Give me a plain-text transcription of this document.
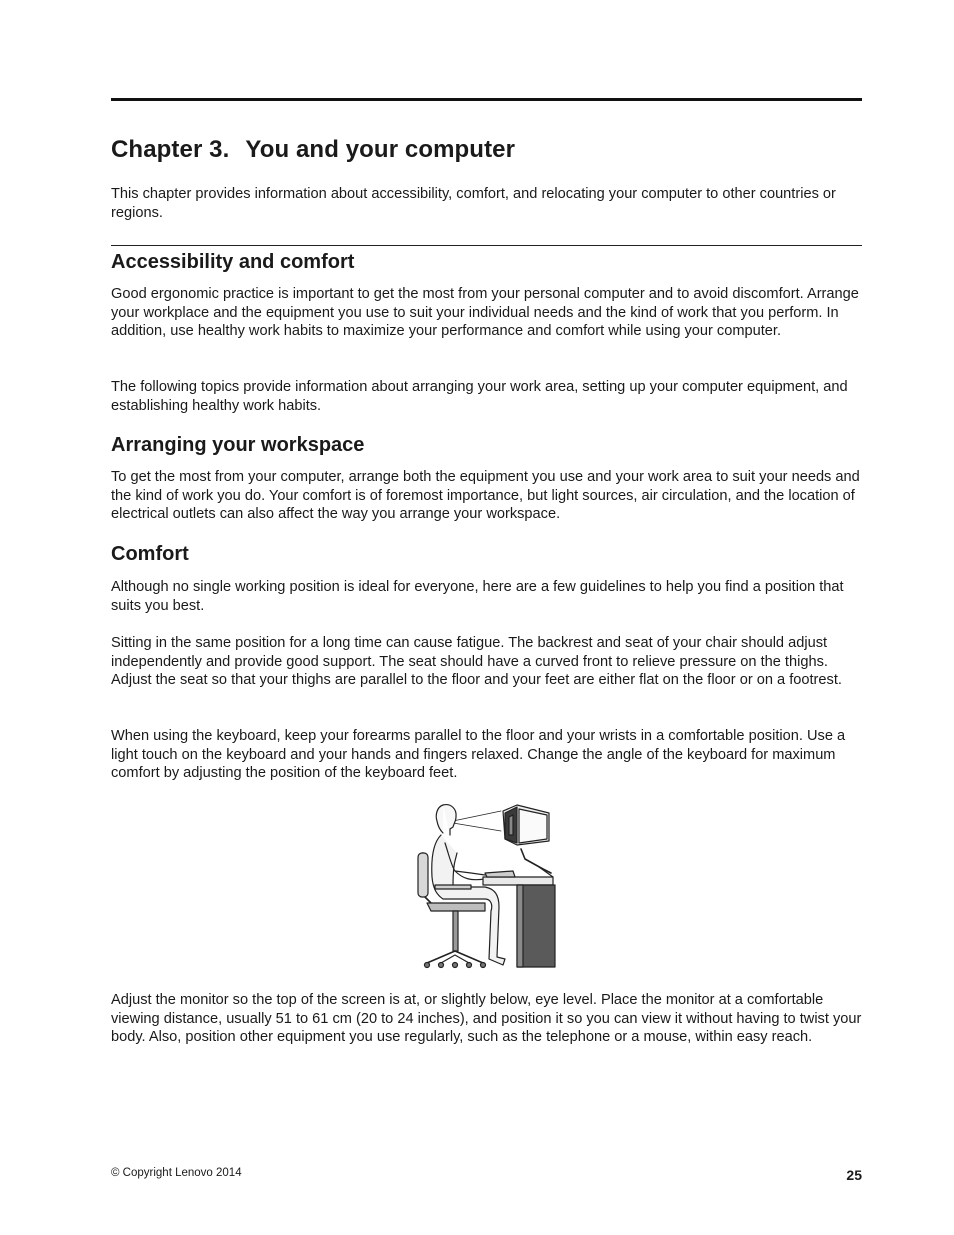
Chapter 3. You and your computer

This chapter provides information about accessibility, comfort, and relocating your computer to other countries or regions.

Accessibility and comfort

Good ergonomic practice is important to get the most from your personal computer and to avoid discomfort. Arrange your workplace and the equipment you use to suit your individual needs and the kind of work that you perform. In addition, use healthy work habits to maximize your performance and comfort while using your computer.

The following topics provide information about arranging your work area, setting up your computer equipment, and establishing healthy work habits.

Arranging your workspace

To get the most from your computer, arrange both the equipment you use and your work area to suit your needs and the kind of work you do. Your comfort is of foremost importance, but light sources, air circulation, and the location of electrical outlets can also affect the way you arrange your workspace.

Comfort

Although no single working position is ideal for everyone, here are a few guidelines to help you find a position that suits you best.

Sitting in the same position for a long time can cause fatigue. The backrest and seat of your chair should adjust independently and provide good support. The seat should have a curved front to relieve pressure on the thighs. Adjust the seat so that your thighs are parallel to the floor and your feet are either flat on the floor or on a footrest.

When using the keyboard, keep your forearms parallel to the floor and your wrists in a comfortable position. Use a light touch on the keyboard and your hands and fingers relaxed. Change the angle of the keyboard for maximum comfort by adjusting the position of the keyboard feet.

Adjust the monitor so the top of the screen is at, or slightly below, eye level. Place the monitor at a comfortable viewing distance, usually 51 to 61 cm (20 to 24 inches), and position it so you can view it without having to twist your body. Also, position other equipment you use regularly, such as the telephone or a mouse, within easy reach.

© Copyright Lenovo 2014	25
